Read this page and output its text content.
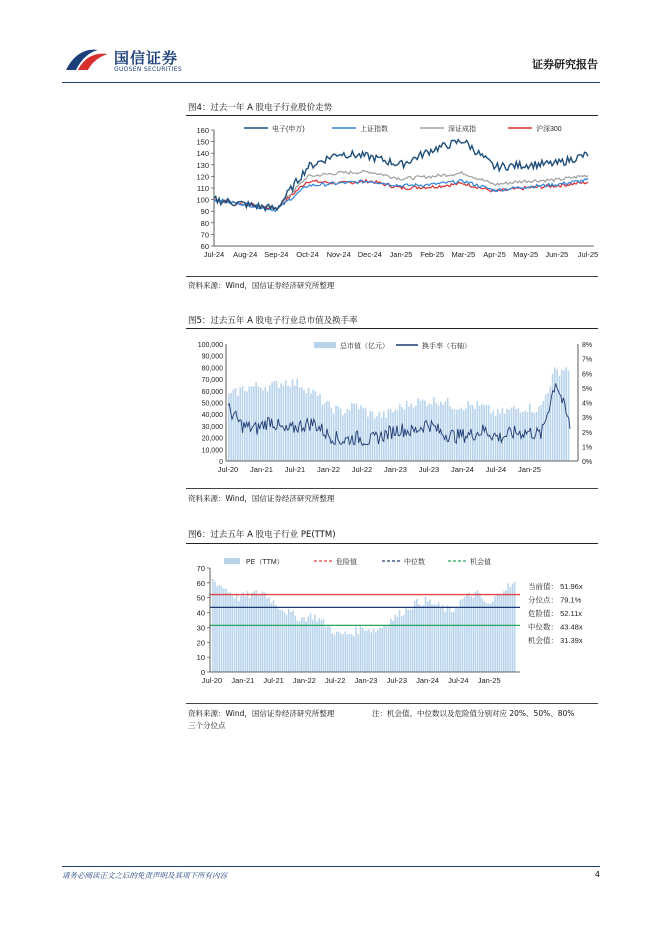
国信证券
GUOSEN SECURITIES	证券研究报告
图4：过去一年 A 股电子行业股价走势
60
70
80
90
100
110
120
130
140
150
160
Jul-24 Aug-24 Sep-24 Oct-24 Nov-24 Dec-24 Jan-25 Feb-25 Mar-25 Apr-25 May-25 Jun-25 Jul-25
电子(申万)	上证指数	深证成指	沪深300
资料来源：Wind，国信证券经济研究所整理
图5：过去五年 A 股电子行业总市值及换手率
0
10,000
20,000
30,000
40,000
50,000
60,000
70,000
80,000
90,000
100,000
0%
1%
2%
3%
4%
5%
6%
7%
8%
Jul-20 Jan-21 Jul-21 Jan-22 Jul-22 Jan-23 Jul-23 Jan-24 Jul-24 Jan-25
总市值（亿元）	换手率（右轴）
资料来源：Wind，国信证券经济研究所整理
图6：过去五年 A 股电子行业 PE(TTM)
0
10
20
30
40
50
60
70
Jul-20 Jan-21 Jul-21 Jan-22 Jul-22 Jan-23 Jul-23 Jan-24 Jul-24 Jan-25
PE（TTM）	危险值	中位数	机会值
当前值： 51.96x
分位点： 79.1%
危险值： 52.11x
中位数： 43.48x
机会值： 31.39x
资料来源：Wind，国信证券经济研究所整理	注：机会值、中位数以及危险值分别对应 20%、50%、80%
三个分位点
请务必阅读正文之后的免责声明及其项下所有内容	4
